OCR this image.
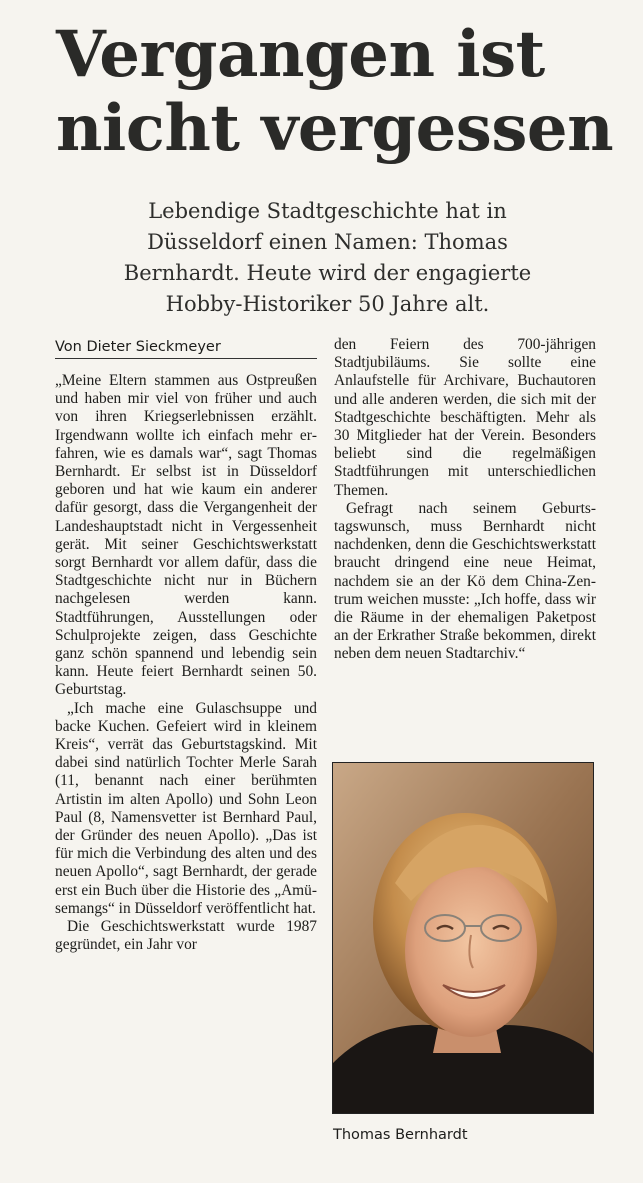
Vergangen ist nicht vergessen

Lebendige Stadtgeschichte hat in Düsseldorf einen Namen: Thomas Bernhardt. Heute wird der engagierte Hobby-Historiker 50 Jahre alt.

Von Dieter Sieckmeyer

„Meine Eltern stammen aus Ostpreußen und haben mir viel von früher und auch von ihren Kriegserlebnissen erzählt. Irgendwann wollte ich einfach mehr erfahren, wie es damals war“, sagt Thomas Bernhardt. Er selbst ist in Düsseldorf geboren und hat wie kaum ein anderer dafür gesorgt, dass die Vergangenheit der Landeshauptstadt nicht in Vergessenheit gerät. Mit seiner Geschichtswerkstatt sorgt Bernhardt vor allem dafür, dass die Stadtgeschichte nicht nur in Büchern nachgelesen werden kann. Stadtführungen, Ausstellungen oder Schulprojekte zeigen, dass Geschichte ganz schön spannend und lebendig sein kann. Heute feiert Bernhardt seinen 50. Geburtstag.

„Ich mache eine Gulaschsuppe und backe Kuchen. Gefeiert wird in kleinem Kreis“, verrät das Geburtstagskind. Mit dabei sind natürlich Tochter Merle Sarah (11, benannt nach einer berühmten Artistin im alten Apollo) und Sohn Leon Paul (8, Namensvetter ist Bernhard Paul, der Gründer des neuen Apollo). „Das ist für mich die Verbindung des alten und des neuen Apollo“, sagt Bernhardt, der gerade erst ein Buch über die Historie des „Amüsemangs“ in Düsseldorf veröffentlicht hat.

Die Geschichtswerkstatt wurde 1987 gegründet, ein Jahr vor

den Feiern des 700-jährigen Stadtjubiläums. Sie sollte eine Anlaufstelle für Archivare, Buchautoren und alle anderen werden, die sich mit der Stadtgeschichte beschäftigten. Mehr als 30 Mitglieder hat der Verein. Besonders beliebt sind die regelmäßigen Stadtführungen mit unterschiedlichen Themen.

Gefragt nach seinem Geburtstagswunsch, muss Bernhardt nicht nachdenken, denn die Geschichtswerkstatt braucht dringend eine neue Heimat, nachdem sie an der Kö dem China-Zentrum weichen musste: „Ich hoffe, dass wir die Räume in der ehemaligen Paketpost an der Erkrather Straße bekommen, direkt neben dem neuen Stadtarchiv.“

Thomas Bernhardt
